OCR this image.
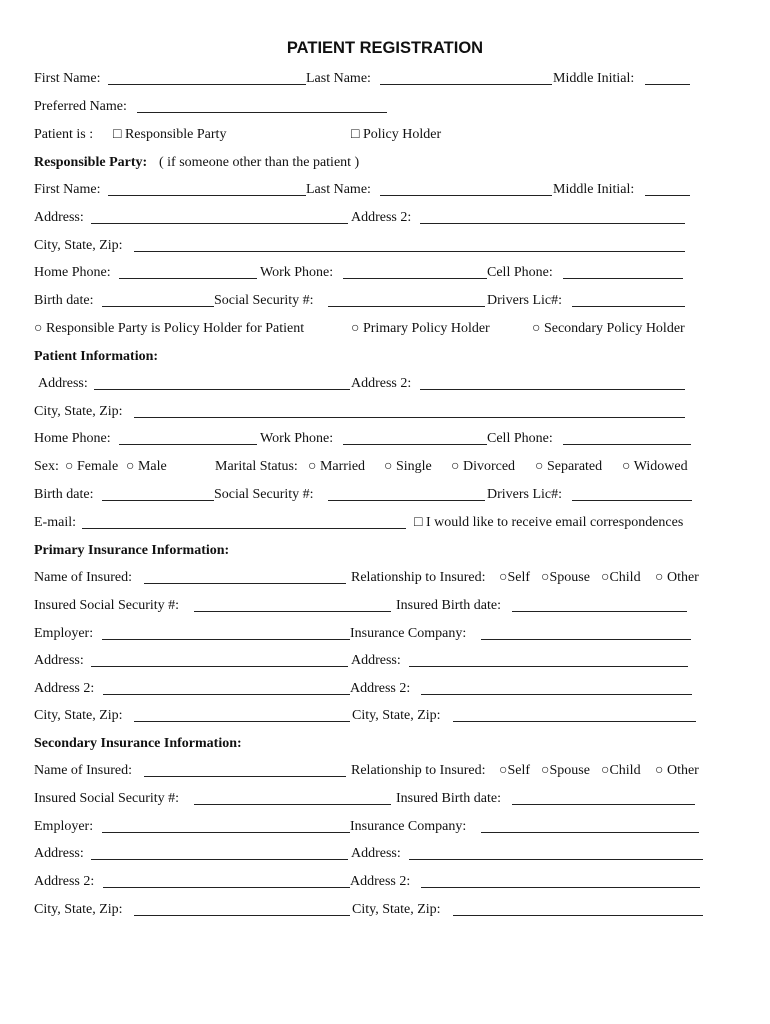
PATIENT REGISTRATION
First Name:	Last Name:	Middle Initial:
Preferred Name:
Patient is : □ Responsible Party	□ Policy Holder
Responsible Party: ( if someone other than the patient )
First Name:	Last Name:	Middle Initial:
Address:	Address 2:
City, State, Zip:
Home Phone:	Work Phone:	Cell Phone:
Birth date:	Social Security #:	Drivers Lic#:
○ Responsible Party is Policy Holder for Patient	○ Primary Policy Holder	○ Secondary Policy Holder
Patient Information:
Address:	Address 2:
City, State, Zip:
Home Phone:	Work Phone:	Cell Phone:
Sex: ○ Female ○ Male	Marital Status: ○ Married ○ Single ○ Divorced ○ Separated ○ Widowed
Birth date:	Social Security #:	Drivers Lic#:
E-mail:	□ I would like to receive email correspondences
Primary Insurance Information:
Name of Insured:	Relationship to Insured: ○Self ○Spouse ○Child ○ Other
Insured Social Security #:	Insured Birth date:
Employer:	Insurance Company:
Address:	Address:
Address 2:	Address 2:
City, State, Zip:	City, State, Zip:
Secondary Insurance Information:
Name of Insured:	Relationship to Insured: ○Self ○Spouse ○Child ○ Other
Insured Social Security #:	Insured Birth date:
Employer:	Insurance Company:
Address:	Address:
Address 2:	Address 2:
City, State, Zip:	City, State, Zip:
